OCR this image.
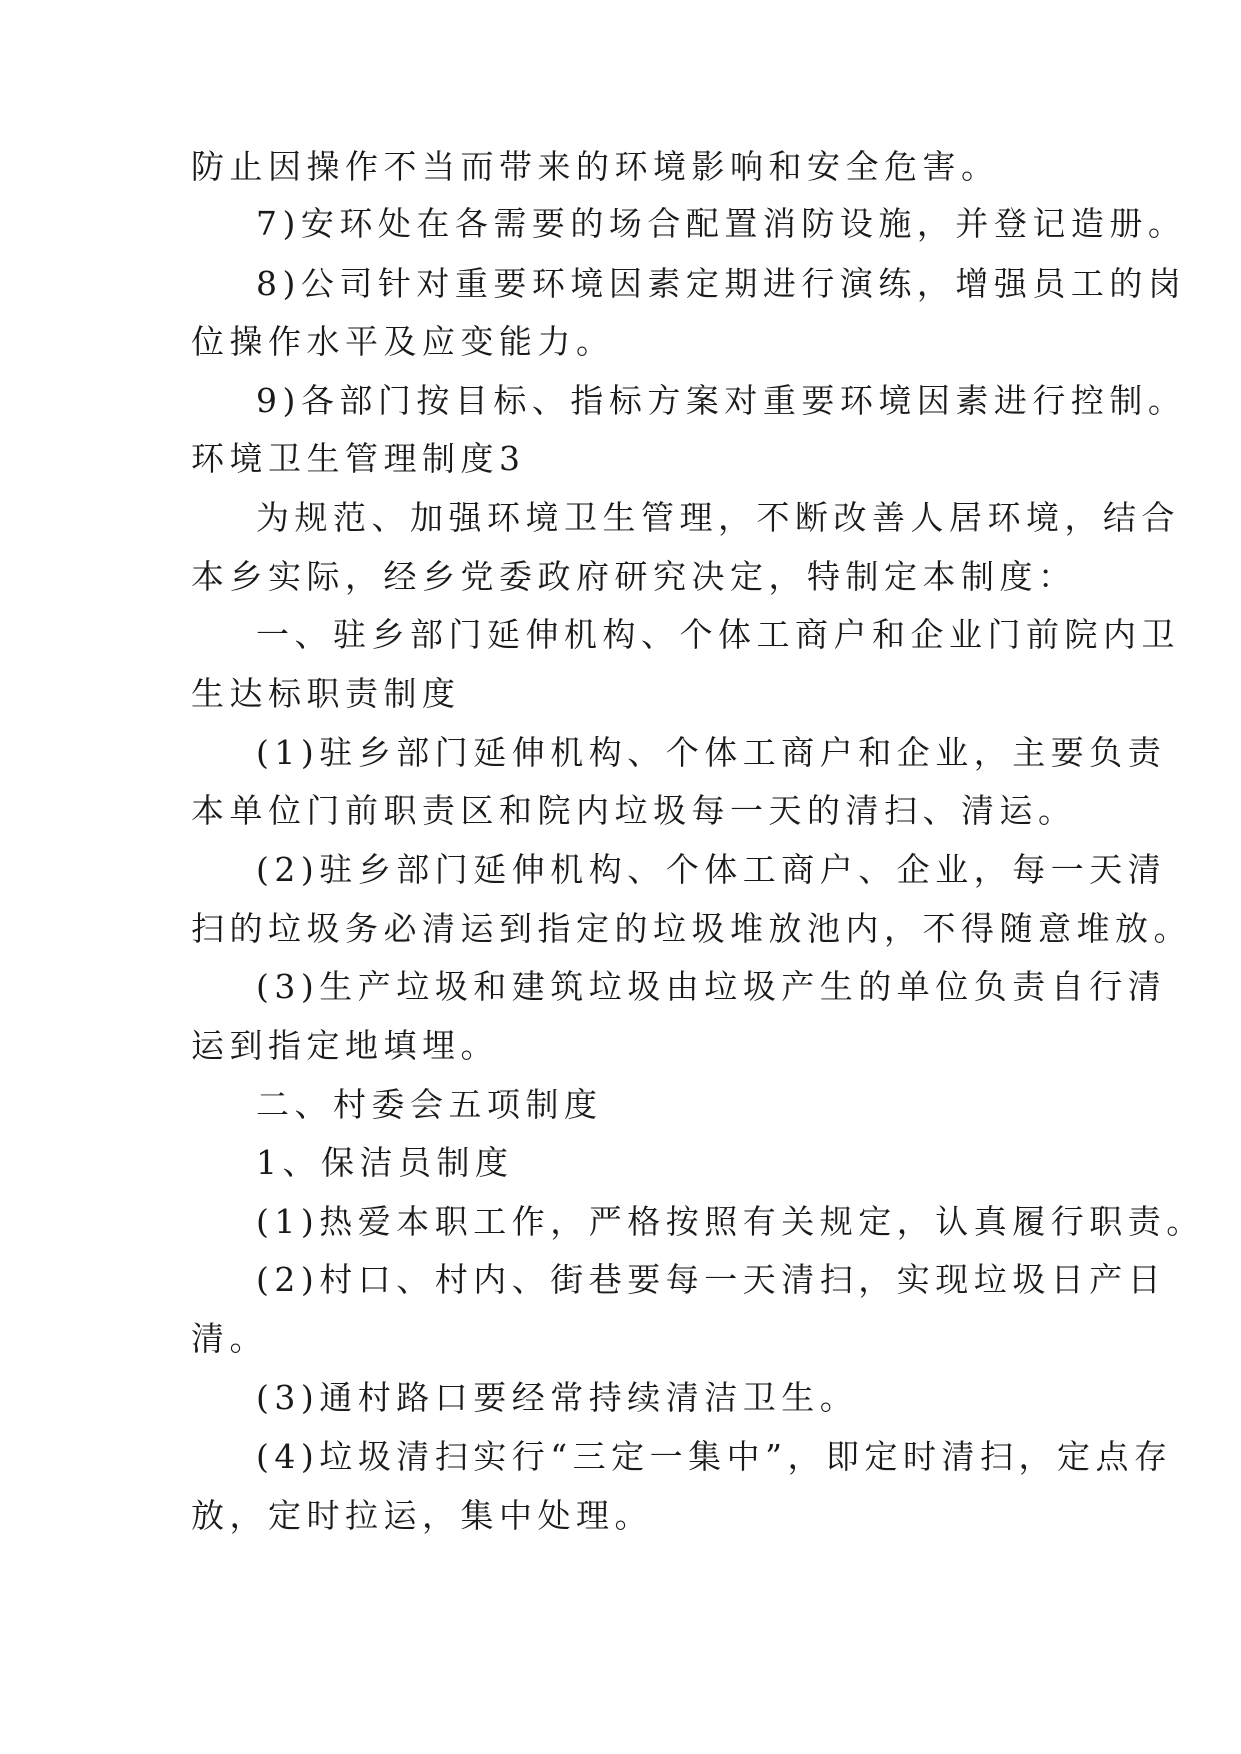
防止因操作不当而带来的环境影响和安全危害。
7)安环处在各需要的场合配置消防设施，并登记造册。
8)公司针对重要环境因素定期进行演练，增强员工的岗
位操作水平及应变能力。
9)各部门按目标、指标方案对重要环境因素进行控制。
环境卫生管理制度3
为规范、加强环境卫生管理，不断改善人居环境，结合
本乡实际，经乡党委政府研究决定，特制定本制度：
一、驻乡部门延伸机构、个体工商户和企业门前院内卫
生达标职责制度
(1)驻乡部门延伸机构、个体工商户和企业，主要负责
本单位门前职责区和院内垃圾每一天的清扫、清运。
(2)驻乡部门延伸机构、个体工商户、企业，每一天清
扫的垃圾务必清运到指定的垃圾堆放池内，不得随意堆放。
(3)生产垃圾和建筑垃圾由垃圾产生的单位负责自行清
运到指定地填埋。
二、村委会五项制度
1、保洁员制度
(1)热爱本职工作，严格按照有关规定，认真履行职责。
(2)村口、村内、街巷要每一天清扫，实现垃圾日产日
清。
(3)通村路口要经常持续清洁卫生。
(4)垃圾清扫实行“三定一集中”，即定时清扫，定点存
放，定时拉运，集中处理。
